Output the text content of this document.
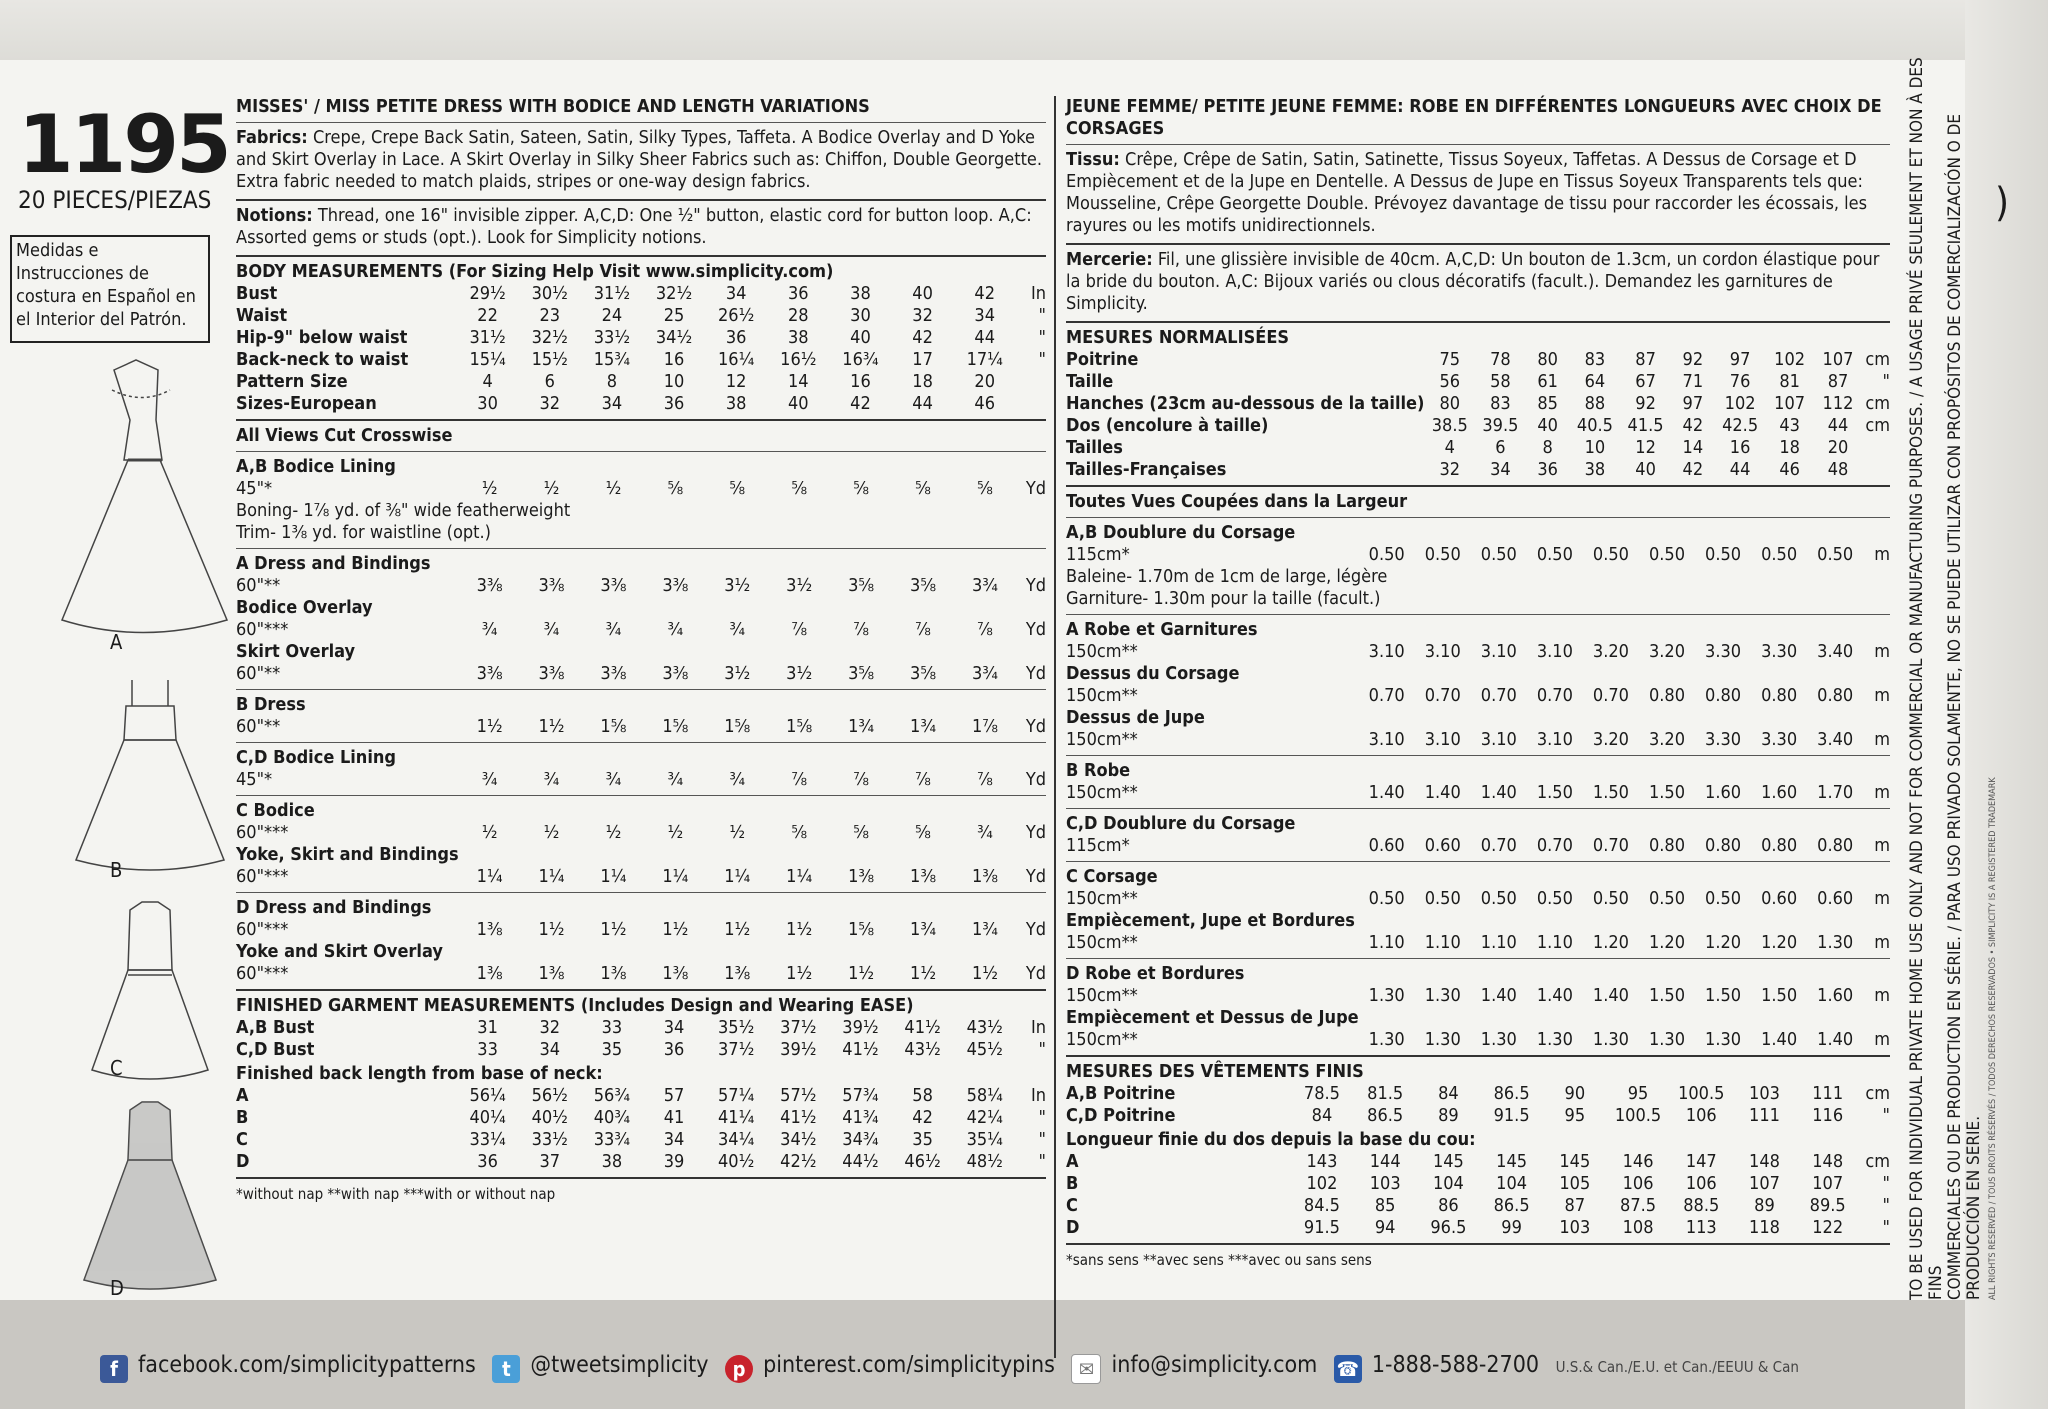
1195
20 PIECES/PIEZAS
Medidas e Instrucciones de costura en Español en el Interior del Patrón.
A
B
C
D
MISSES' / MISS PETITE DRESS WITH BODICE AND LENGTH VARIATIONS

Fabrics: Crepe, Crepe Back Satin, Sateen, Satin, Silky Types, Taffeta. A Bodice Overlay and D Yoke and Skirt Overlay in Lace. A Skirt Overlay in Silky Sheer Fabrics such as: Chiffon, Double Georgette. Extra fabric needed to match plaids, stripes or one-way design fabrics.

Notions: Thread, one 16" invisible zipper. A,C,D: One ½" button, elastic cord for button loop. A,C: Assorted gems or studs (opt.). Look for Simplicity notions.

BODY MEASUREMENTS (For Sizing Help Visit www.simplicity.com)
Bust	29½	30½	31½	32½	34	36	38	40	42	In
Waist	22	23	24	25	26½	28	30	32	34	"
Hip-9" below waist	31½	32½	33½	34½	36	38	40	42	44	"
Back-neck to waist	15¼	15½	15¾	16	16¼	16½	16¾	17	17¼	"
Pattern Size	4	6	8	10	12	14	16	18	20	
Sizes-European	30	32	34	36	38	40	42	44	46	
All Views Cut Crosswise
A,B Bodice Lining
45"*	½	½	½	⅝	⅝	⅝	⅝	⅝	⅝	Yd
Boning- 1⅞ yd. of ⅜" wide featherweight										
Trim- 1⅜ yd. for waistline (opt.)										

A Dress and Bindings
60"**	3⅜	3⅜	3⅜	3⅜	3½	3½	3⅝	3⅝	3¾	Yd

Bodice Overlay
60"***	¾	¾	¾	¾	¾	⅞	⅞	⅞	⅞	Yd

Skirt Overlay
60"**	3⅜	3⅜	3⅜	3⅜	3½	3½	3⅝	3⅝	3¾	Yd

B Dress
60"**	1½	1½	1⅝	1⅝	1⅝	1⅝	1¾	1¾	1⅞	Yd

C,D Bodice Lining
45"*	¾	¾	¾	¾	¾	⅞	⅞	⅞	⅞	Yd

C Bodice
60"***	½	½	½	½	½	⅝	⅝	⅝	¾	Yd

Yoke, Skirt and Bindings
60"***	1¼	1¼	1¼	1¼	1¼	1¼	1⅜	1⅜	1⅜	Yd

D Dress and Bindings
60"***	1⅜	1½	1½	1½	1½	1½	1⅝	1¾	1¾	Yd

Yoke and Skirt Overlay
60"***	1⅜	1⅜	1⅜	1⅜	1⅜	1½	1½	1½	1½	Yd
FINISHED GARMENT MEASUREMENTS (Includes Design and Wearing EASE)
A,B Bust	31	32	33	34	35½	37½	39½	41½	43½	In
C,D Bust	33	34	35	36	37½	39½	41½	43½	45½	"
Finished back length from base of neck:
A	56¼	56½	56¾	57	57¼	57½	57¾	58	58¼	In
B	40¼	40½	40¾	41	41¼	41½	41¾	42	42¼	"
C	33¼	33½	33¾	34	34¼	34½	34¾	35	35¼	"
D	36	37	38	39	40½	42½	44½	46½	48½	"
*without nap **with nap ***with or without nap
JEUNE FEMME/ PETITE JEUNE FEMME: ROBE EN DIFFÉRENTES LONGUEURS AVEC CHOIX DE CORSAGES

Tissu: Crêpe, Crêpe de Satin, Satin, Satinette, Tissus Soyeux, Taffetas. A Dessus de Corsage et D Empiècement et de la Jupe en Dentelle. A Dessus de Jupe en Tissus Soyeux Transparents tels que: Mousseline, Crêpe Georgette Double. Prévoyez davantage de tissu pour raccorder les écossais, les rayures ou les motifs unidirectionnels.

Mercerie: Fil, une glissière invisible de 40cm. A,C,D: Un bouton de 1.3cm, un cordon élastique pour la bride du bouton. A,C: Bijoux variés ou clous décoratifs (facult.). Demandez les garnitures de Simplicity.

MESURES NORMALISÉES
Poitrine	75	78	80	83	87	92	97	102	107	cm
Taille	56	58	61	64	67	71	76	81	87	"
Hanches (23cm au-dessous de la taille)	80	83	85	88	92	97	102	107	112	cm
Dos (encolure à taille)	38.5	39.5	40	40.5	41.5	42	42.5	43	44	cm
Tailles	4	6	8	10	12	14	16	18	20	
Tailles-Françaises	32	34	36	38	40	42	44	46	48	
Toutes Vues Coupées dans la Largeur
A,B Doublure du Corsage
115cm*	0.50	0.50	0.50	0.50	0.50	0.50	0.50	0.50	0.50	m
Baleine- 1.70m de 1cm de large, légère										
Garniture- 1.30m pour la taille (facult.)										

A Robe et Garnitures
150cm**	3.10	3.10	3.10	3.10	3.20	3.20	3.30	3.30	3.40	m

Dessus du Corsage
150cm**	0.70	0.70	0.70	0.70	0.70	0.80	0.80	0.80	0.80	m

Dessus de Jupe
150cm**	3.10	3.10	3.10	3.10	3.20	3.20	3.30	3.30	3.40	m

B Robe
150cm**	1.40	1.40	1.40	1.50	1.50	1.50	1.60	1.60	1.70	m

C,D Doublure du Corsage
115cm*	0.60	0.60	0.70	0.70	0.70	0.80	0.80	0.80	0.80	m

C Corsage
150cm**	0.50	0.50	0.50	0.50	0.50	0.50	0.50	0.60	0.60	m

Empiècement, Jupe et Bordures
150cm**	1.10	1.10	1.10	1.10	1.20	1.20	1.20	1.20	1.30	m

D Robe et Bordures
150cm**	1.30	1.30	1.40	1.40	1.40	1.50	1.50	1.50	1.60	m

Empiècement et Dessus de Jupe
150cm**	1.30	1.30	1.30	1.30	1.30	1.30	1.30	1.40	1.40	m
MESURES DES VÊTEMENTS FINIS
A,B Poitrine	78.5	81.5	84	86.5	90	95	100.5	103	111	cm
C,D Poitrine	84	86.5	89	91.5	95	100.5	106	111	116	"
Longueur finie du dos depuis la base du cou:
A	143	144	145	145	145	146	147	148	148	cm
B	102	103	104	104	105	106	106	107	107	"
C	84.5	85	86	86.5	87	87.5	88.5	89	89.5	"
D	91.5	94	96.5	99	103	108	113	118	122	"
*sans sens **avec sens ***avec ou sans sens	TO BE USED FOR INDIVIDUAL PRIVATE HOME USE ONLY AND NOT FOR COMMERCIAL OR MANUFACTURING PURPOSES. / A USAGE PRIVÉ SEULEMENT ET NON À DES FINS COMMERCIALES OU DE PRODUCTION EN SÉRIE. / PARA USO PRIVADO SOLAMENTE, NO SE PUEDE UTILIZAR CON PROPÓSITOS DE COMERCIALIZACIÓN O DE PRODUCCIÓN EN SERIE. ALL RIGHTS RESERVED / TOUS DROITS RÉSERVÉS / TODOS DERECHOS RESERVADOS • SIMPLICITY IS A REGISTERED TRADEMARK
)
f facebook.com/simplicitypatterns t @tweetsimplicity p pinterest.com/simplicitypins ✉ info@simplicity.com ☎ 1-888-588-2700 U.S.& Can./E.U. et Can./EEUU & Can
